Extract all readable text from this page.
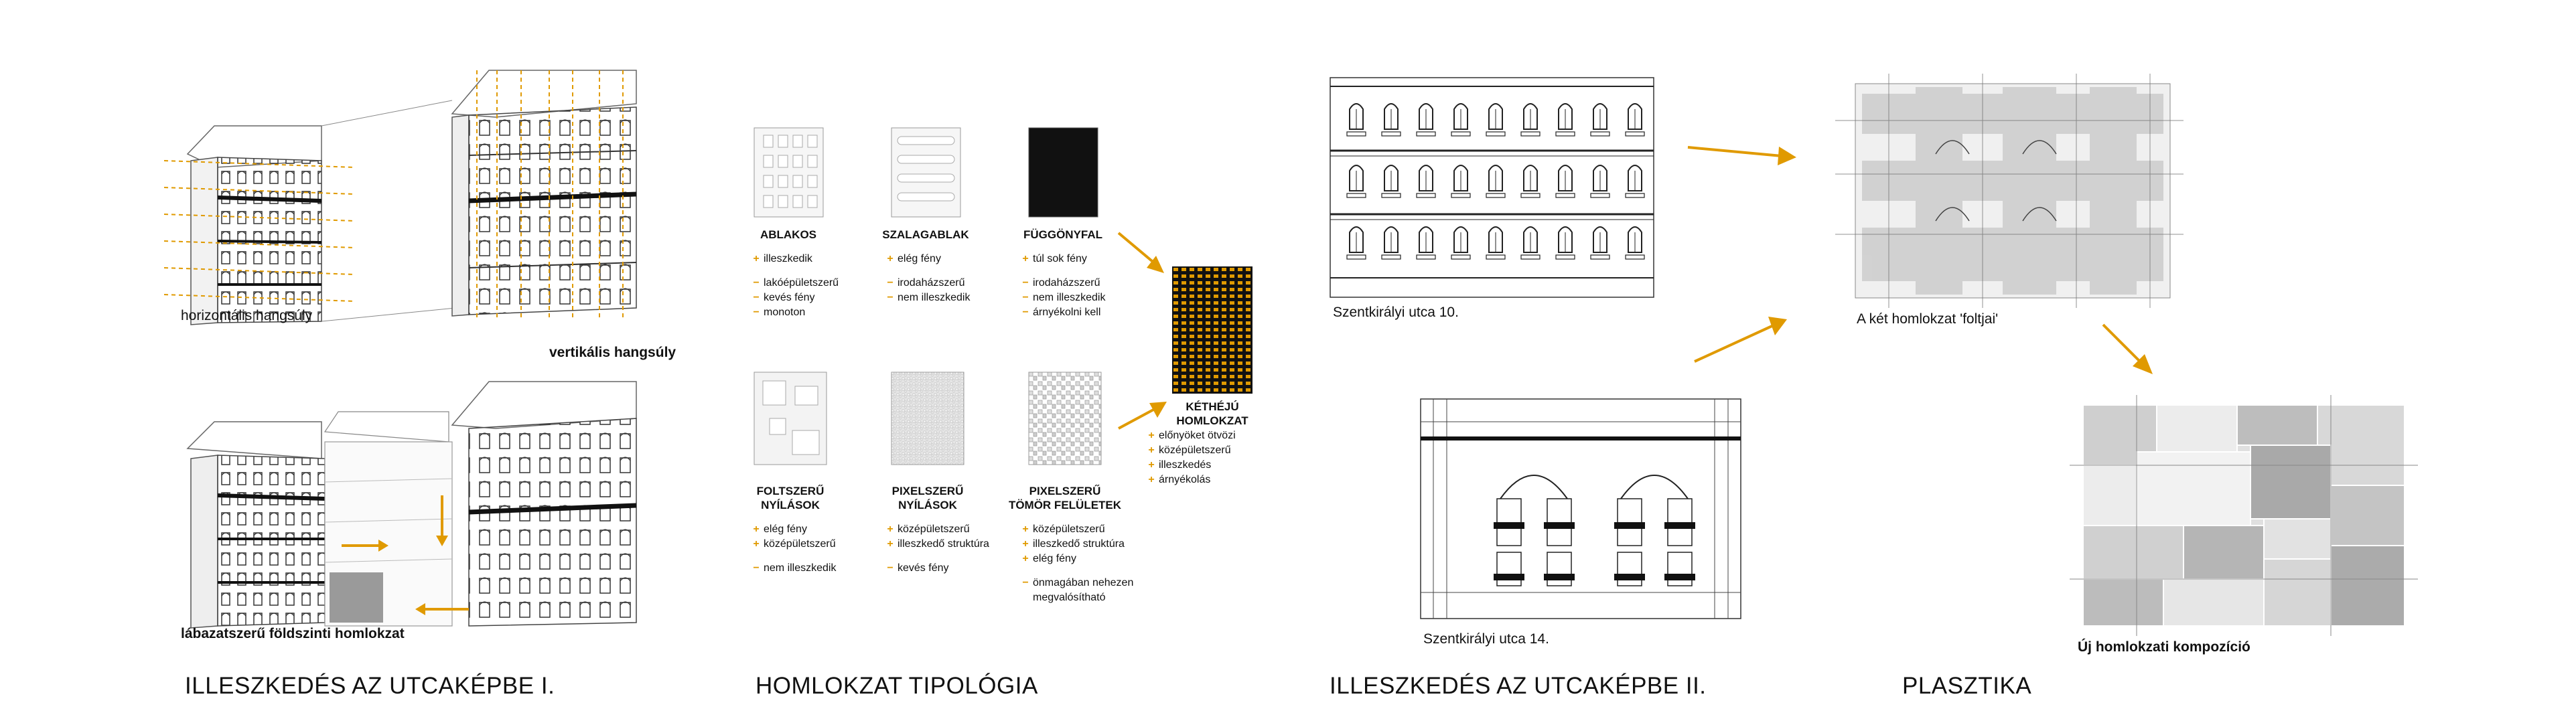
ILLESZKEDÉS AZ UTCAKÉPBE I.	HOMLOKZAT TIPOLÓGIA	ILLESZKEDÉS AZ UTCAKÉPBE II.	PLASZTIKA
horizontális hangsúly
vertikális hangsúly
lábazatszerű földszinti homlokzat
ABLAKOS	SZALAGABLAK	FÜGGÖNYFAL
FOLTSZERŰ
NYÍLÁSOK
PIXELSZERŰ
NYÍLÁSOK
PIXELSZERŰ
TÖMÖR FELÜLETEK
KÉTHÉJÚ
HOMLOKZAT
+ illeszkedik
− lakóépületszerű
− kevés fény
− monoton
+ elég fény
− irodaházszerű
− nem illeszkedik
+ túl sok fény
− irodaházszerű
− nem illeszkedik
− árnyékolni kell
+ elég fény
+ középületszerű
− nem illeszkedik
+ középületszerű
+ illeszkedő struktúra
− kevés fény
+ középületszerű
+ illeszkedő struktúra
+ elég fény
− önmagában nehezen
megvalósítható
+ előnyöket ötvözi
+ középületszerű
+ illeszkedés
+ árnyékolás
Szentkirályi utca 10.
Szentkirályi utca 14.
A két homlokzat 'foltjai'
Új homlokzati kompozíció
